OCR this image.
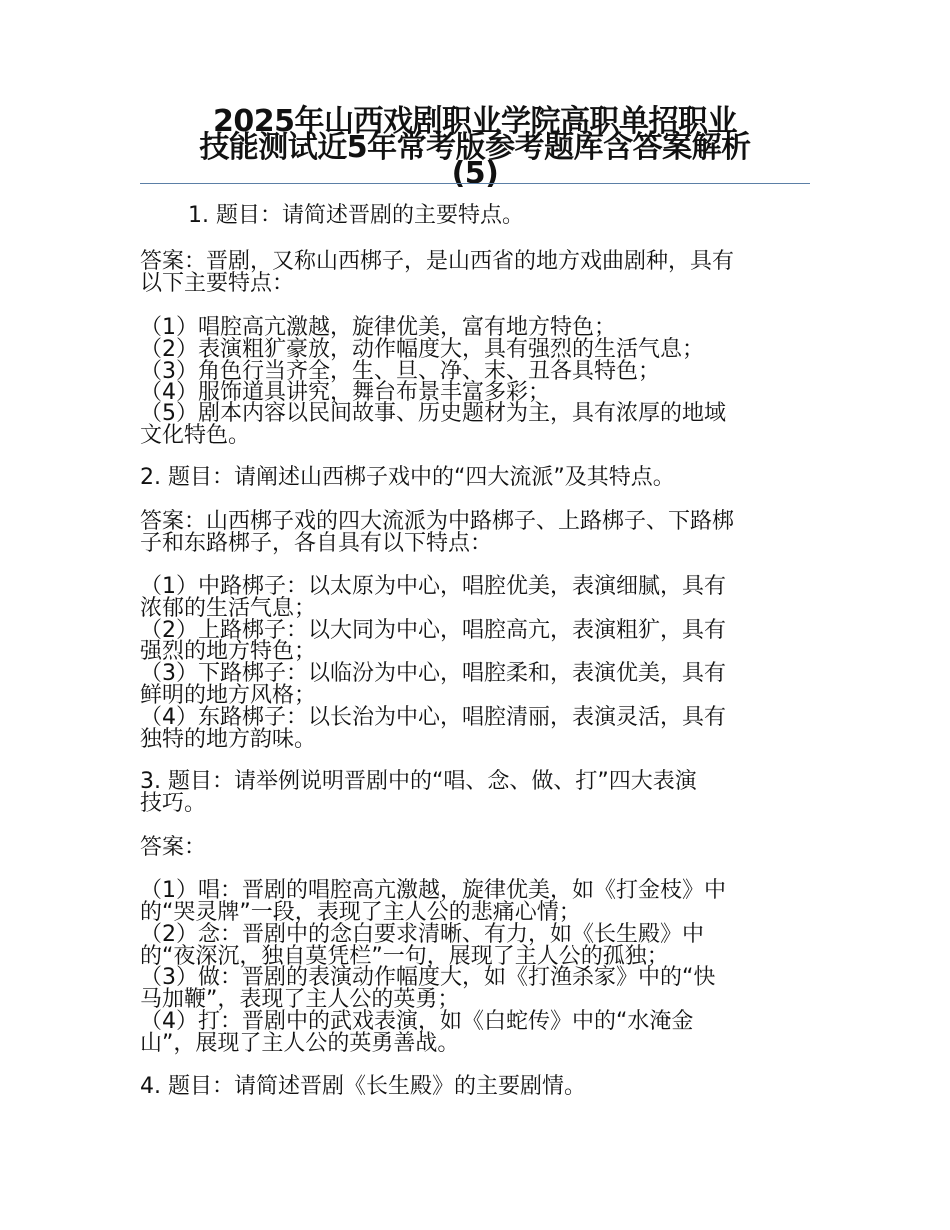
2025年山西戏剧职业学院高职单招职业
技能测试近5年常考版参考题库含答案解析
(5)

1. 题目：请简述晋剧的主要特点。

答案：晋剧，又称山西梆子，是山西省的地方戏曲剧种，具有

以下主要特点：

（1）唱腔高亢激越，旋律优美，富有地方特色；

（2）表演粗犷豪放，动作幅度大，具有强烈的生活气息；

（3）角色行当齐全，生、旦、净、末、丑各具特色；

（4）服饰道具讲究，舞台布景丰富多彩；

（5）剧本内容以民间故事、历史题材为主，具有浓厚的地域

文化特色。

2. 题目：请阐述山西梆子戏中的“四大流派”及其特点。

答案：山西梆子戏的四大流派为中路梆子、上路梆子、下路梆

子和东路梆子，各自具有以下特点：

（1）中路梆子：以太原为中心，唱腔优美，表演细腻，具有

浓郁的生活气息；

（2）上路梆子：以大同为中心，唱腔高亢，表演粗犷，具有

强烈的地方特色；

（3）下路梆子：以临汾为中心，唱腔柔和，表演优美，具有

鲜明的地方风格；

（4）东路梆子：以长治为中心，唱腔清丽，表演灵活，具有

独特的地方韵味。

3. 题目：请举例说明晋剧中的“唱、念、做、打”四大表演

技巧。

答案：

（1）唱：晋剧的唱腔高亢激越，旋律优美，如《打金枝》中

的“哭灵牌”一段，表现了主人公的悲痛心情；

（2）念：晋剧中的念白要求清晰、有力，如《长生殿》中

的“夜深沉，独自莫凭栏”一句，展现了主人公的孤独；

（3）做：晋剧的表演动作幅度大，如《打渔杀家》中的“快

马加鞭”，表现了主人公的英勇；

（4）打：晋剧中的武戏表演，如《白蛇传》中的“水淹金

山”，展现了主人公的英勇善战。

4. 题目：请简述晋剧《长生殿》的主要剧情。
